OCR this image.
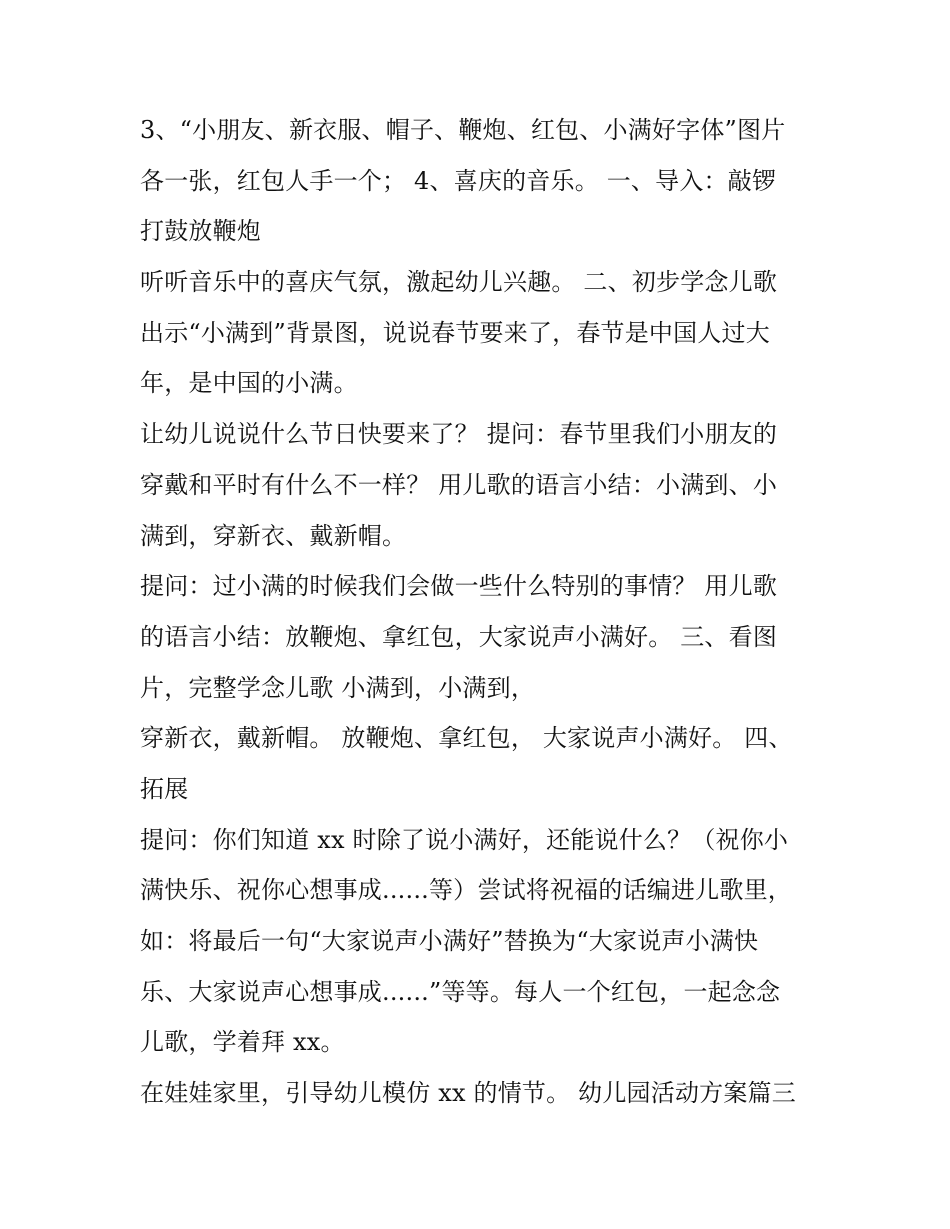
3、“小朋友、新衣服、帽子、鞭炮、红包、小满好字体”图片
各一张，红包人手一个； 4、喜庆的音乐。 一、导入：敲锣
打鼓放鞭炮
听听音乐中的喜庆气氛，激起幼儿兴趣。 二、初步学念儿歌
出示“小满到”背景图，说说春节要来了，春节是中国人过大
年，是中国的小满。
让幼儿说说什么节日快要来了？ 提问：春节里我们小朋友的
穿戴和平时有什么不一样？ 用儿歌的语言小结：小满到、小
满到，穿新衣、戴新帽。
提问：过小满的时候我们会做一些什么特别的事情？ 用儿歌
的语言小结：放鞭炮、拿红包，大家说声小满好。 三、看图
片，完整学念儿歌 小满到，小满到，
穿新衣，戴新帽。 放鞭炮、拿红包， 大家说声小满好。 四、
拓展
提问：你们知道 xx 时除了说小满好，还能说什么？（祝你小
满快乐、祝你心想事成......等）尝试将祝福的话编进儿歌里，
如：将最后一句“大家说声小满好”替换为“大家说声小满快
乐、大家说声心想事成......”等等。每人一个红包，一起念念
儿歌，学着拜 xx。
在娃娃家里，引导幼儿模仿 xx 的情节。 幼儿园活动方案篇三
